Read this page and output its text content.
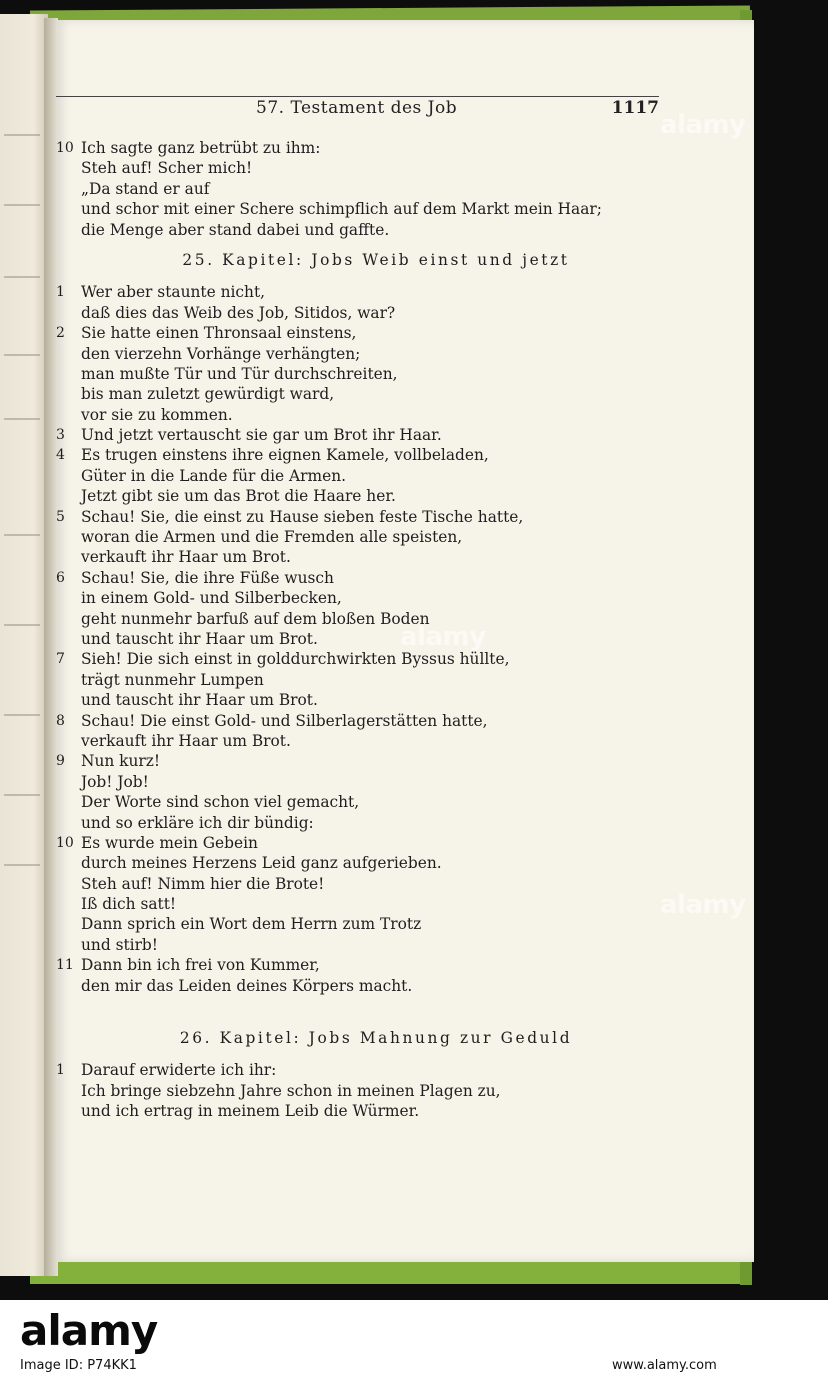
57. Testament des Job	1117
10 Ich sagte ganz betrübt zu ihm:
Steh auf! Scher mich!
„Da stand er auf
und schor mit einer Schere schimpflich auf dem Markt mein Haar;
die Menge aber stand dabei und gaffte.
25. Kapitel: Jobs Weib einst und jetzt
1	Wer aber staunte nicht,
daß dies das Weib des Job, Sitidos, war?
2	Sie hatte einen Thronsaal einstens,
den vierzehn Vorhänge verhängten;
man mußte Tür und Tür durchschreiten,
bis man zuletzt gewürdigt ward,
vor sie zu kommen.
3	Und jetzt vertauscht sie gar um Brot ihr Haar.
4	Es trugen einstens ihre eignen Kamele, vollbeladen,
Güter in die Lande für die Armen.
Jetzt gibt sie um das Brot die Haare her.
5	Schau! Sie, die einst zu Hause sieben feste Tische hatte,
woran die Armen und die Fremden alle speisten,
verkauft ihr Haar um Brot.
6	Schau! Sie, die ihre Füße wusch
in einem Gold- und Silberbecken,
geht nunmehr barfuß auf dem bloßen Boden
und tauscht ihr Haar um Brot.
7	Sieh! Die sich einst in golddurchwirkten Byssus hüllte,
trägt nunmehr Lumpen
und tauscht ihr Haar um Brot.
8	Schau! Die einst Gold- und Silberlagerstätten hatte,
verkauft ihr Haar um Brot.
9	Nun kurz!
Job! Job!
Der Worte sind schon viel gemacht,
und so erkläre ich dir bündig:
10 Es wurde mein Gebein
durch meines Herzens Leid ganz aufgerieben.
Steh auf! Nimm hier die Brote!
Iß dich satt!
Dann sprich ein Wort dem Herrn zum Trotz
und stirb!
11 Dann bin ich frei von Kummer,
den mir das Leiden deines Körpers macht.
26. Kapitel: Jobs Mahnung zur Geduld
1	Darauf erwiderte ich ihr:
Ich bringe siebzehn Jahre schon in meinen Plagen zu,
und ich ertrag in meinem Leib die Würmer.
alamy
Image ID: P74KK1	www.alamy.com
alamy
alamy
alamy
